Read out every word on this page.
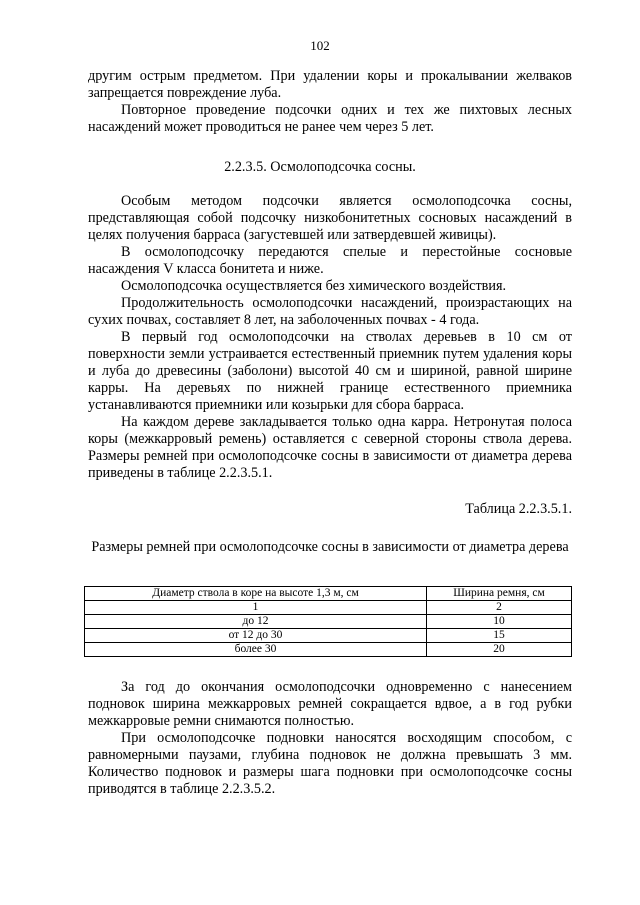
102

другим острым предметом. При удалении коры и прокалывании желваков запрещается повреждение луба.

Повторное проведение подсочки одних и тех же пихтовых лесных насаждений может проводиться не ранее чем через 5 лет.

2.2.3.5. Осмолоподсочка сосны.

Особым методом подсочки является осмолоподсочка сосны, представляющая собой подсочку низкобонитетных сосновых насаждений в целях получения барраса (загустевшей или затвердевшей живицы).

В осмолоподсочку передаются спелые и перестойные сосновые насаждения V класса бонитета и ниже.

Осмолоподсочка осуществляется без химического воздействия.

Продолжительность осмолоподсочки насаждений, произрастающих на сухих почвах, составляет 8 лет, на заболоченных почвах - 4 года.

В первый год осмолоподсочки на стволах деревьев в 10 см от поверхности земли устраивается естественный приемник путем удаления коры и луба до древесины (заболони) высотой 40 см и шириной, равной ширине карры. На деревьях по нижней границе естественного приемника устанавливаются приемники или козырьки для сбора барраса.

На каждом дереве закладывается только одна карра. Нетронутая полоса коры (межкарровый ремень) оставляется с северной стороны ствола дерева. Размеры ремней при осмолоподсочке сосны в зависимости от диаметра дерева приведены в таблице 2.2.3.5.1.

Таблица 2.2.3.5.1.
Размеры ремней при осмолоподсочке сосны в зависимости от диаметра дерева
Диаметр ствола в коре на высоте 1,3 м, см	Ширина ремня, см
1	2
до 12	10
от 12 до 30	15
более 30	20

За год до окончания осмолоподсочки одновременно с нанесением подновок ширина межкарровых ремней сокращается вдвое, а в год рубки межкарровые ремни снимаются полностью.

При осмолоподсочке подновки наносятся восходящим способом, с равномерными паузами, глубина подновок не должна превышать 3 мм. Количество подновок и размеры шага подновки при осмолоподсочке сосны приводятся в таблице 2.2.3.5.2.
